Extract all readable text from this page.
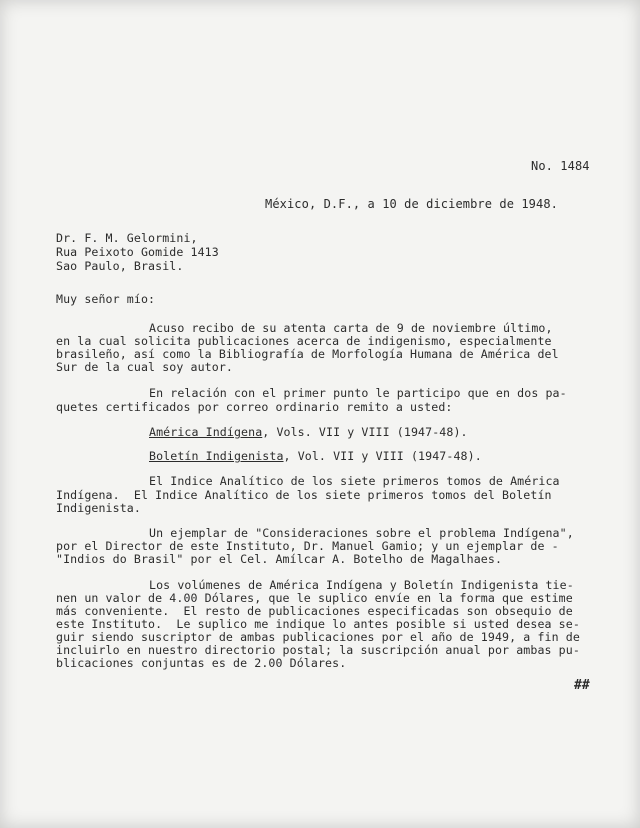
No. 1484
México, D.F., a 10 de diciembre de 1948.
Dr. F. M. Gelormini,
Rua Peixoto Gomide 1413
Sao Paulo, Brasil.
Muy señor mío:
Acuso recibo de su atenta carta de 9 de noviembre último,
en la cual solicita publicaciones acerca de indigenismo, especialmente
brasileño, así como la Bibliografía de Morfología Humana de América del
Sur de la cual soy autor.
En relación con el primer punto le participo que en dos pa-
quetes certificados por correo ordinario remito a usted:
América Indígena, Vols. VII y VIII (1947-48).
Boletín Indigenista, Vol. VII y VIII (1947-48).
El Indice Analítico de los siete primeros tomos de América
Indígena.  El Indice Analítico de los siete primeros tomos del Boletín
Indigenista.
Un ejemplar de "Consideraciones sobre el problema Indígena",
por el Director de este Instituto, Dr. Manuel Gamio; y un ejemplar de -
"Indios do Brasil" por el Cel. Amílcar A. Botelho de Magalhaes.
Los volúmenes de América Indígena y Boletín Indigenista tie-
nen un valor de 4.00 Dólares, que le suplico envíe en la forma que estime
más conveniente.  El resto de publicaciones especificadas son obsequio de
este Instituto.  Le suplico me indique lo antes posible si usted desea se-
guir siendo suscriptor de ambas publicaciones por el año de 1949, a fin de
incluirlo en nuestro directorio postal; la suscripción anual por ambas pu-
blicaciones conjuntas es de 2.00 Dólares.
##
